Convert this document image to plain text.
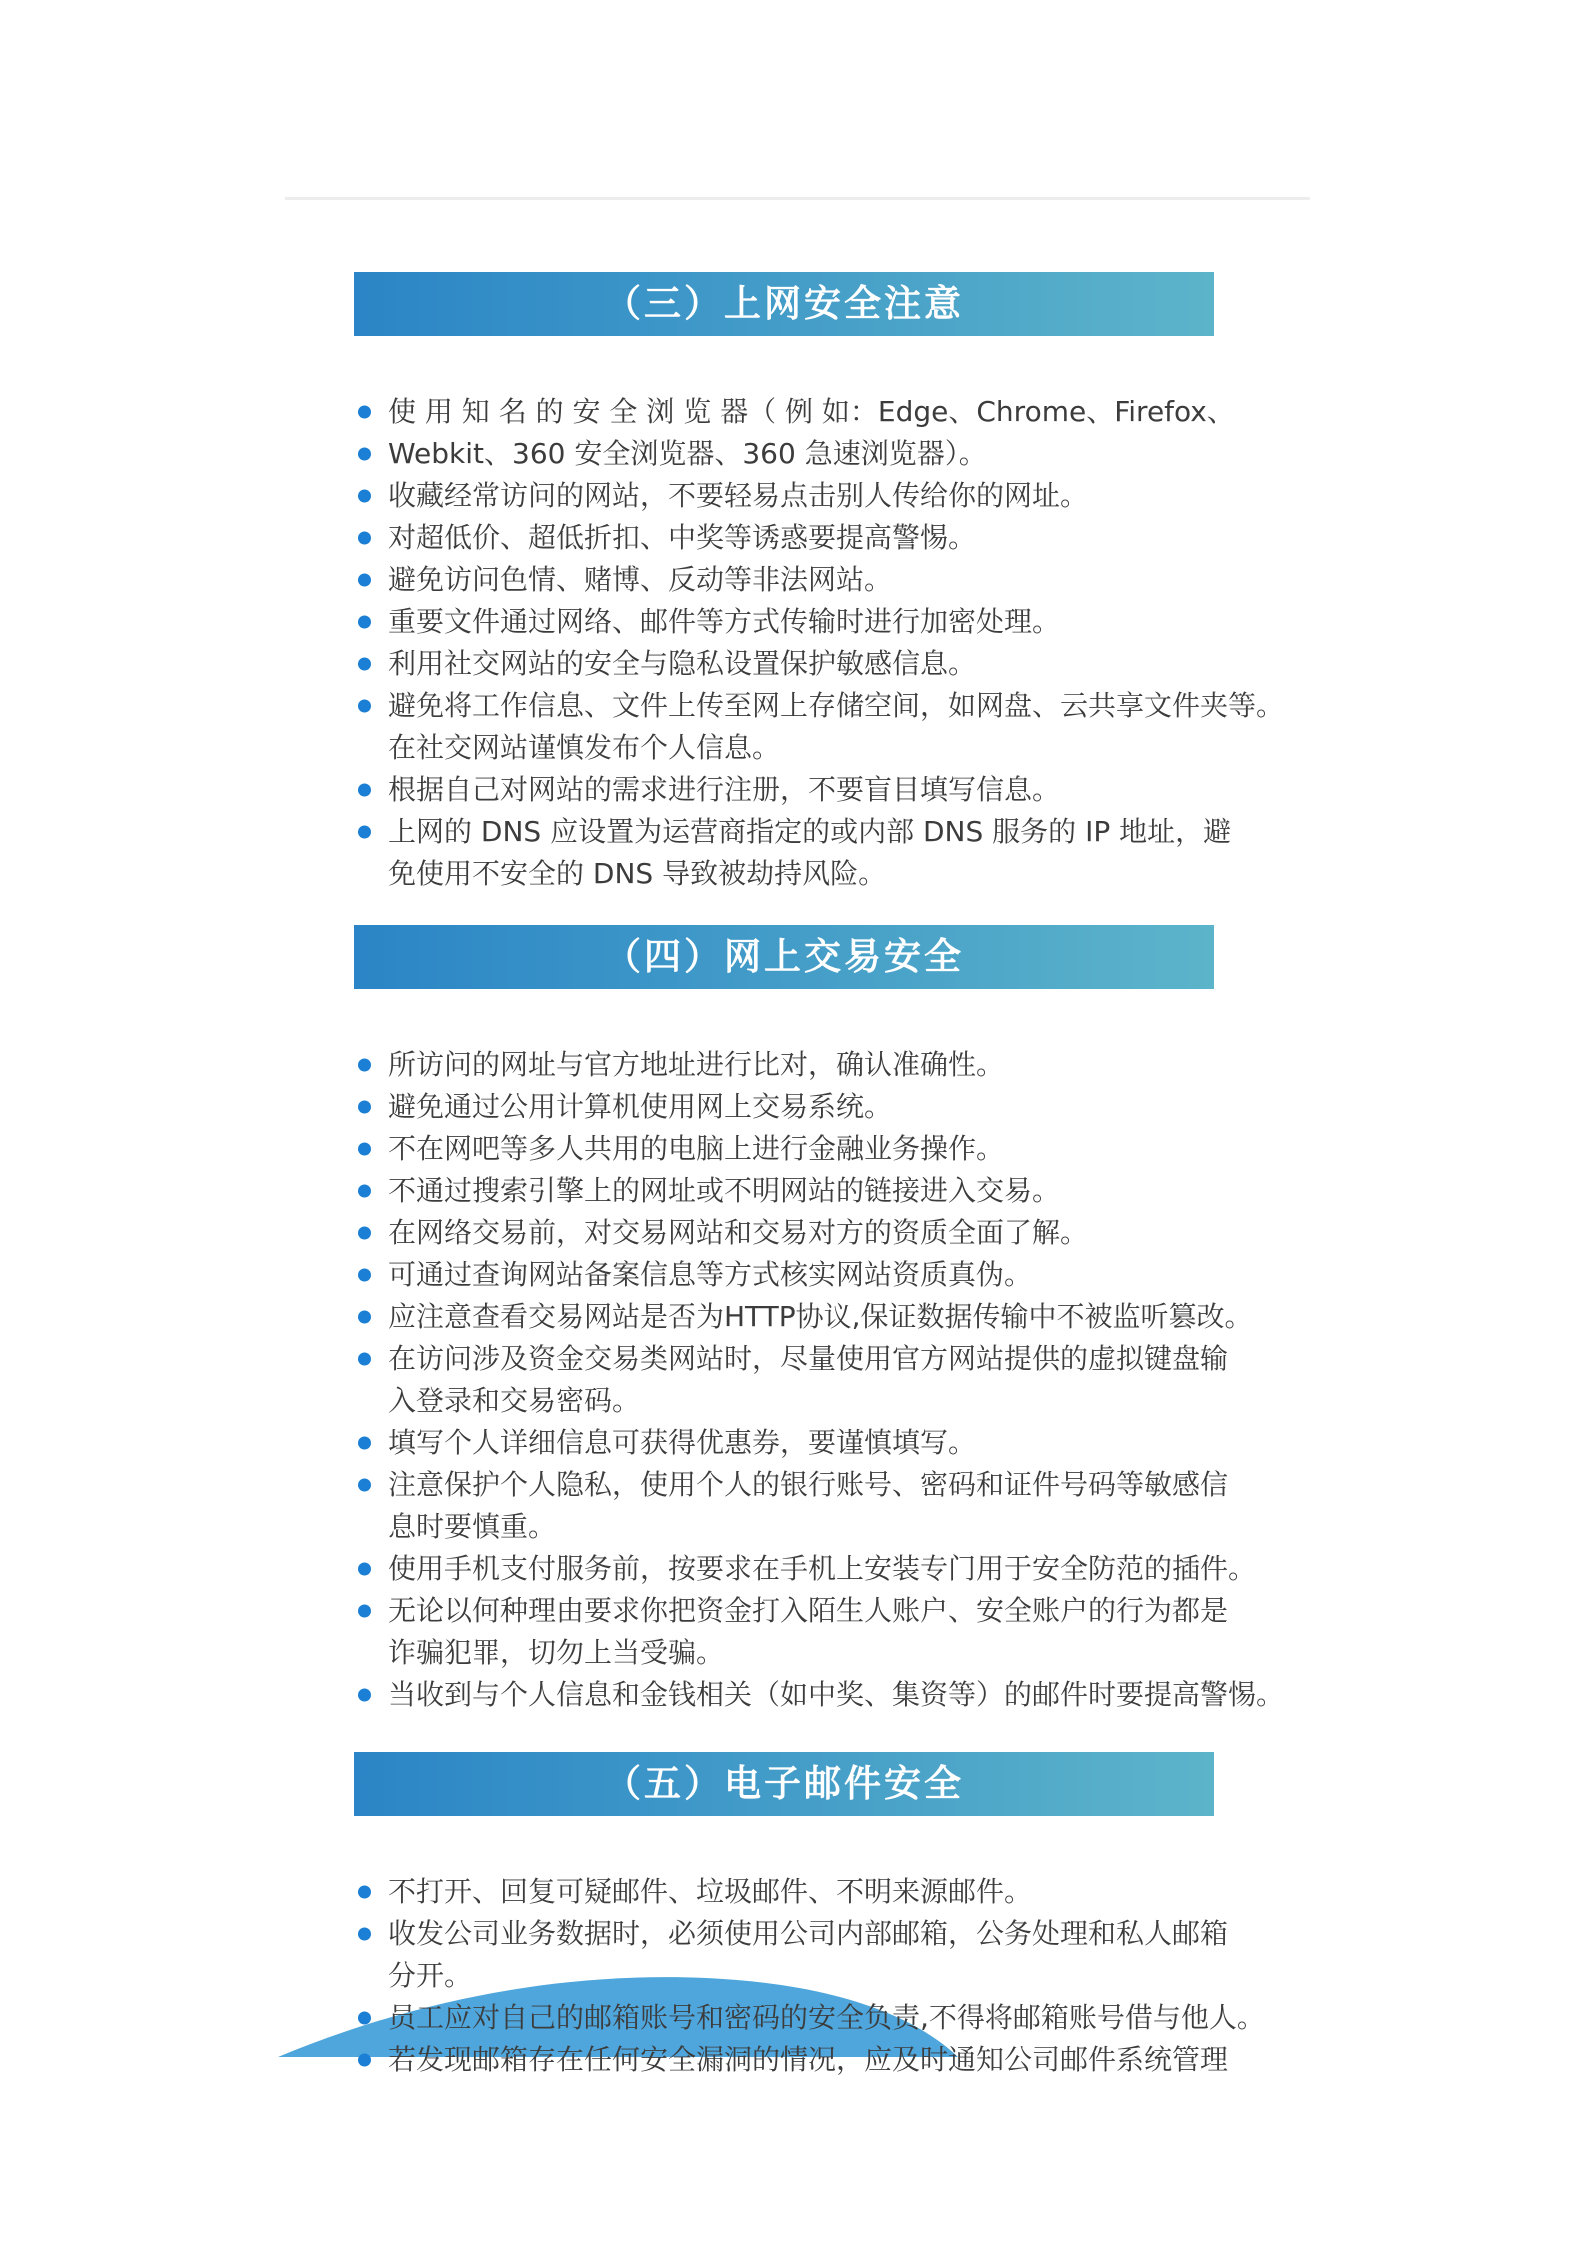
（三）上网安全注意
使 用 知 名 的 安 全 浏 览 器（ 例 如：Edge、Chrome、Firefox、
Webkit、360 安全浏览器、360 急速浏览器）。
收藏经常访问的网站，不要轻易点击别人传给你的网址。
对超低价、超低折扣、中奖等诱惑要提高警惕。
避免访问色情、赌博、反动等非法网站。
重要文件通过网络、邮件等方式传输时进行加密处理。
利用社交网站的安全与隐私设置保护敏感信息。
避免将工作信息、文件上传至网上存储空间，如网盘、云共享文件夹等。
在社交网站谨慎发布个人信息。
根据自己对网站的需求进行注册，不要盲目填写信息。
上网的 DNS 应设置为运营商指定的或内部 DNS 服务的 IP 地址，避
免使用不安全的 DNS 导致被劫持风险。
（四）网上交易安全
所访问的网址与官方地址进行比对，确认准确性。
避免通过公用计算机使用网上交易系统。
不在网吧等多人共用的电脑上进行金融业务操作。
不通过搜索引擎上的网址或不明网站的链接进入交易。
在网络交易前，对交易网站和交易对方的资质全面了解。
可通过查询网站备案信息等方式核实网站资质真伪。
应注意查看交易网站是否为HTTP协议,保证数据传输中不被监听篡改。
在访问涉及资金交易类网站时，尽量使用官方网站提供的虚拟键盘输
入登录和交易密码。
填写个人详细信息可获得优惠券，要谨慎填写。
注意保护个人隐私，使用个人的银行账号、密码和证件号码等敏感信
息时要慎重。
使用手机支付服务前，按要求在手机上安装专门用于安全防范的插件。
无论以何种理由要求你把资金打入陌生人账户、安全账户的行为都是
诈骗犯罪，切勿上当受骗。
当收到与个人信息和金钱相关（如中奖、集资等）的邮件时要提高警惕。
（五）电子邮件安全
不打开、回复可疑邮件、垃圾邮件、不明来源邮件。
收发公司业务数据时，必须使用公司内部邮箱，公务处理和私人邮箱
分开。
员工应对自己的邮箱账号和密码的安全负责,不得将邮箱账号借与他人。
若发现邮箱存在任何安全漏洞的情况，应及时通知公司邮件系统管理
